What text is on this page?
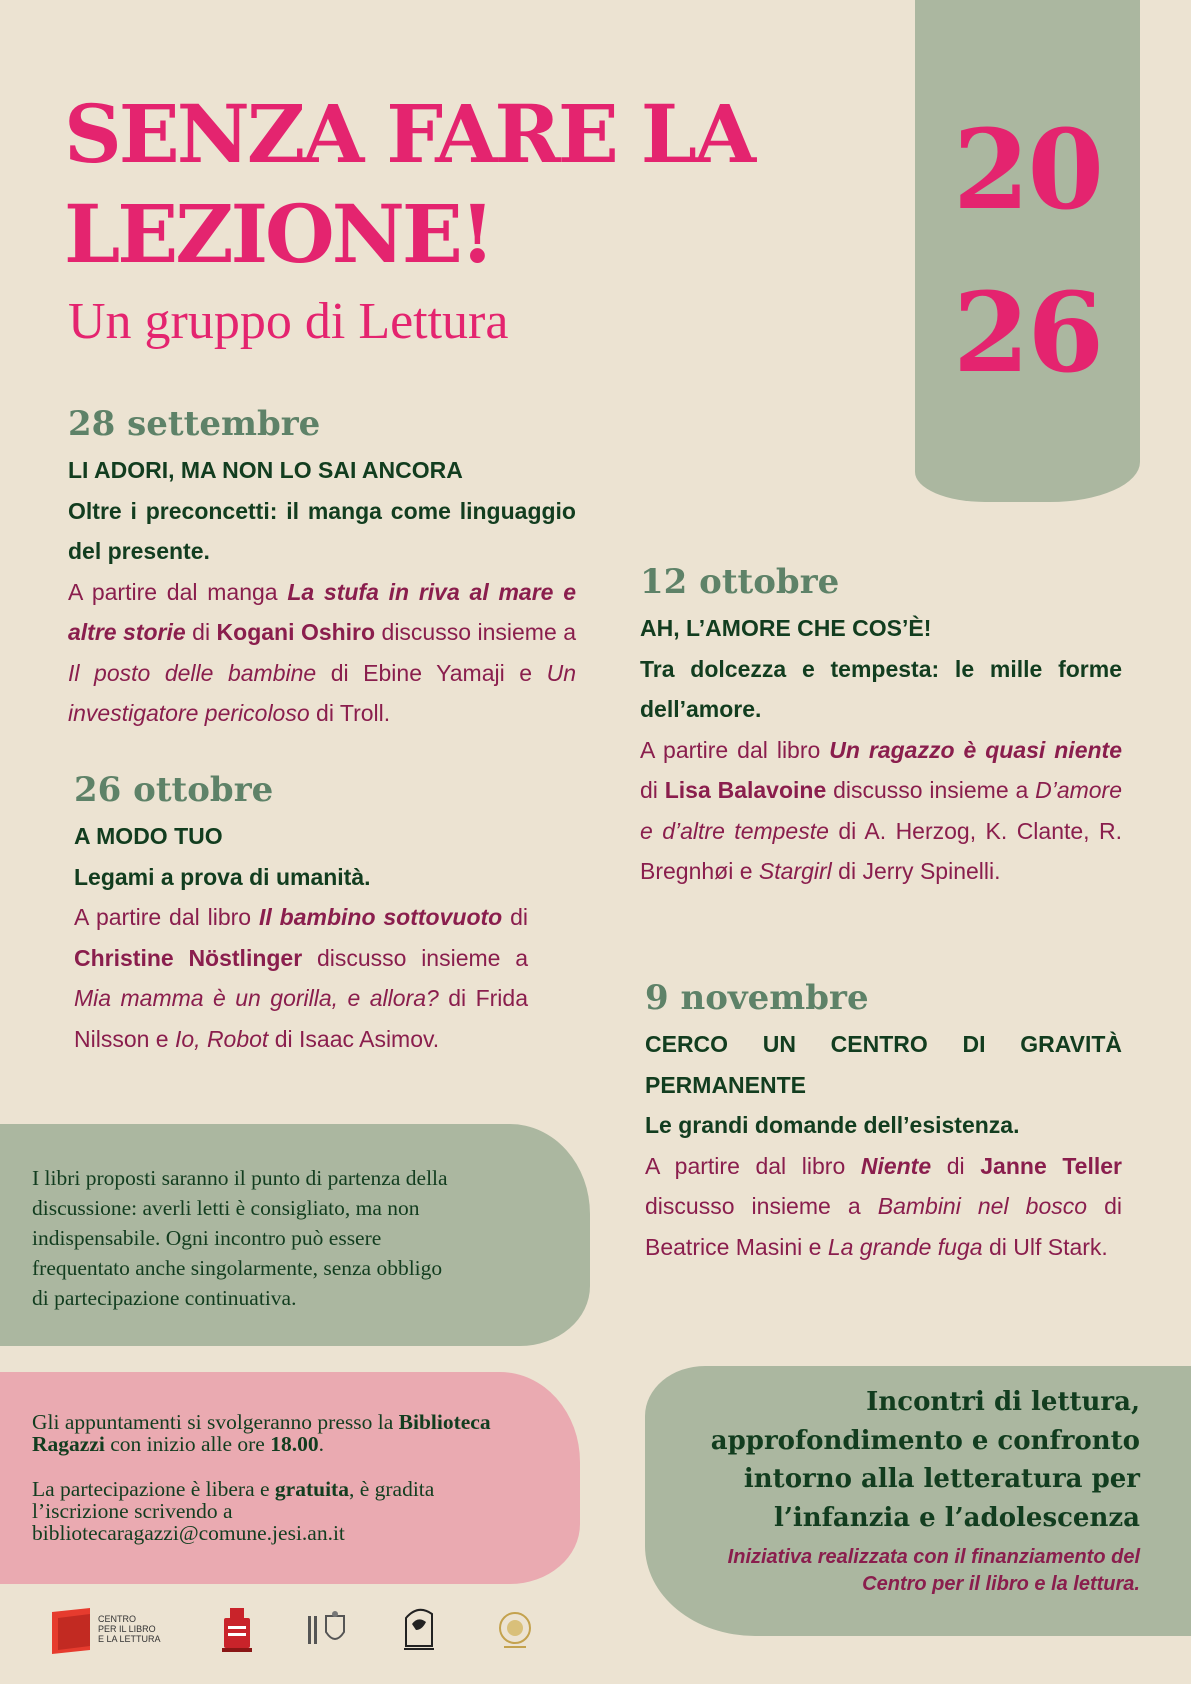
20
26
SENZA FARE LA
LEZIONE!
Un gruppo di Lettura
28 settembre
LI ADORI, MA NON LO SAI ANCORA
Oltre i preconcetti: il manga come linguaggio del presente.
A partire dal manga La stufa in riva al mare e altre storie di Kogani Oshiro discusso insieme a Il posto delle bambine di Ebine Yamaji e Un investigatore pericoloso di Troll.
12 ottobre
AH, L’AMORE CHE COS’È!
Tra dolcezza e tempesta: le mille forme dell’amore.
A partire dal libro Un ragazzo è quasi niente di Lisa Balavoine discusso insieme a D’amore e d’altre tempeste di A. Herzog, K. Clante, R. Bregnhøi e Stargirl di Jerry Spinelli.
26 ottobre
A MODO TUO
Legami a prova di umanità.
A partire dal libro Il bambino sottovuoto di Christine Nöstlinger discusso insieme a Mia mamma è un gorilla, e allora? di Frida Nilsson e Io, Robot di Isaac Asimov.
9 novembre
CERCO UN CENTRO DI GRAVITÀ PERMANENTE
Le grandi domande dell’esistenza.
A partire dal libro Niente di Janne Teller discusso insieme a Bambini nel bosco di Beatrice Masini e La grande fuga di Ulf Stark.
I libri proposti saranno il punto di partenza della
discussione: averli letti è consigliato, ma non
indispensabile. Ogni incontro può essere
frequentato anche singolarmente, senza obbligo
di partecipazione continuativa.
Gli appuntamenti si svolgeranno presso la Biblioteca
Ragazzi con inizio alle ore 18.00.
La partecipazione è libera e gratuita, è gradita
l’iscrizione scrivendo a
bibliotecaragazzi@comune.jesi.an.it
Incontri di lettura,
approfondimento e confronto
intorno alla letteratura per
l’infanzia e l’adolescenza
Iniziativa realizzata con il finanziamento del
Centro per il libro e la lettura.
CENTRO
PER IL LIBRO
E LA LETTURA
